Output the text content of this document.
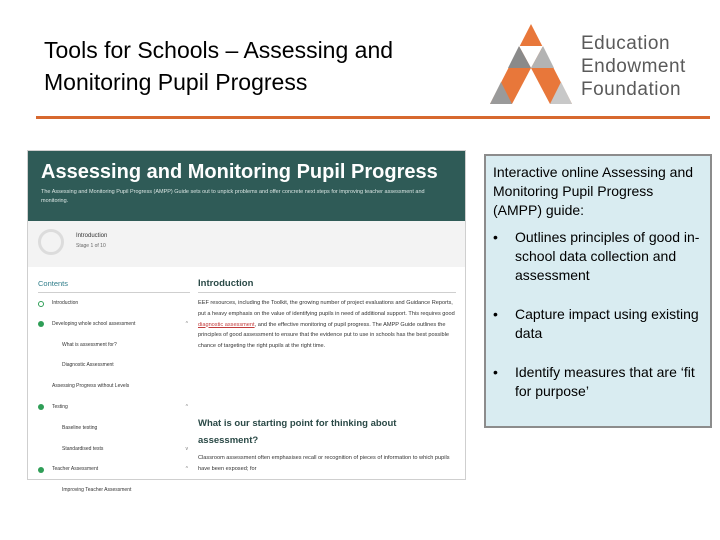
Tools for Schools – Assessing and Monitoring Pupil Progress
Education
Endowment
Foundation
Assessing and Monitoring Pupil Progress
The Assessing and Monitoring Pupil Progress (AMPP) Guide sets out to unpick problems and offer concrete next steps for improving teacher assessment and monitoring.
Introduction
Stage 1 of 10
Contents
Introduction
Developing whole school assessment	^
What is assessment for?
Diagnostic Assessment
Assessing Progress without Levels
Testing	^
Baseline testing
Standardised tests	v
Teacher Assessment	^
Improving Teacher Assessment
Introduction

EEF resources, including the Toolkit, the growing number of project evaluations and Guidance Reports, put a heavy emphasis on the value of identifying pupils in need of additional support. This requires good diagnostic assessment, and the effective monitoring of pupil progress. The AMPP Guide outlines the principles of good assessment to ensure that the evidence put to use in schools has the best possible chance of targeting the right pupils at the right time.

What is our starting point for thinking about assessment?

Classroom assessment often emphasises recall or recognition of pieces of information to which pupils have been exposed; for

Interactive online Assessing and Monitoring Pupil Progress (AMPP) guide:

• Outlines principles of good in-school data collection and assessment
• Capture impact using existing data
• Identify measures that are ‘fit for purpose’
